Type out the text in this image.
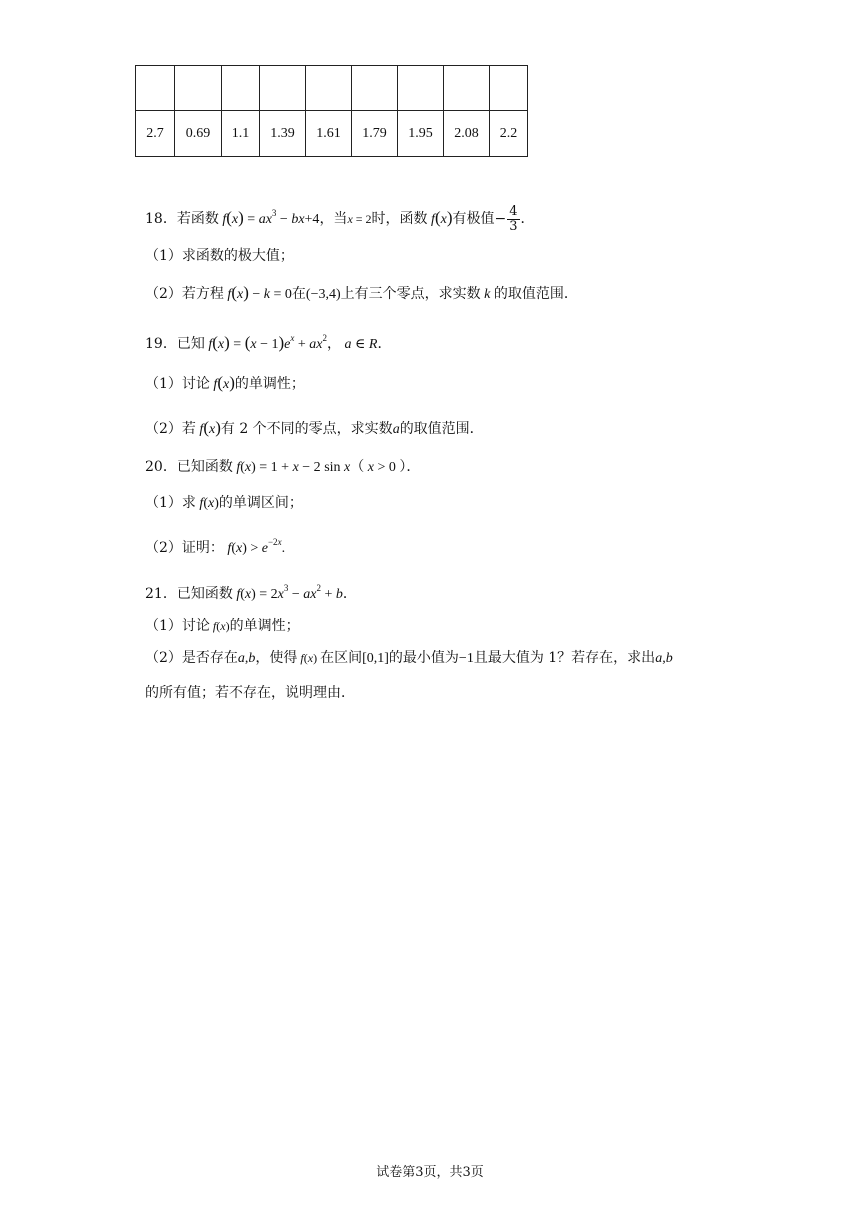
2.7	0.69	1.1	1.39	1.61	1.79	1.95	2.08	2.2
18．若函数 $f(x) = ax^3 - bx+4$，当x = 2时，函数 f(x)有极值− $\frac{4}{3}$ ．
（1）求函数的极大值；
（2）若方程 f(x) − k = 0在(−3,4)上有三个零点，求实数 k 的取值范围．
19．已知 $f(x) = (x - 1)e^x + ax^2$， a ∈ R．
（1）讨论 f(x)的单调性；
（2）若 f(x)有 2 个不同的零点，求实数a的取值范围．
20．已知函数 f(x) = 1 + x − 2 sin x（ x > 0 ）．
（1）求 f(x)的单调区间；
（2）证明： $f(x) > e^{-2x}$.
21．已知函数 $f(x) = 2x^3 - ax^2 + b$．
（1）讨论 f(x)的单调性；
（2）是否存在a,b，使得 f(x) 在区间[0,1]的最小值为−1且最大值为 1？若存在，求出a,b
的所有值；若不存在，说明理由．
试卷第3页，共3页
